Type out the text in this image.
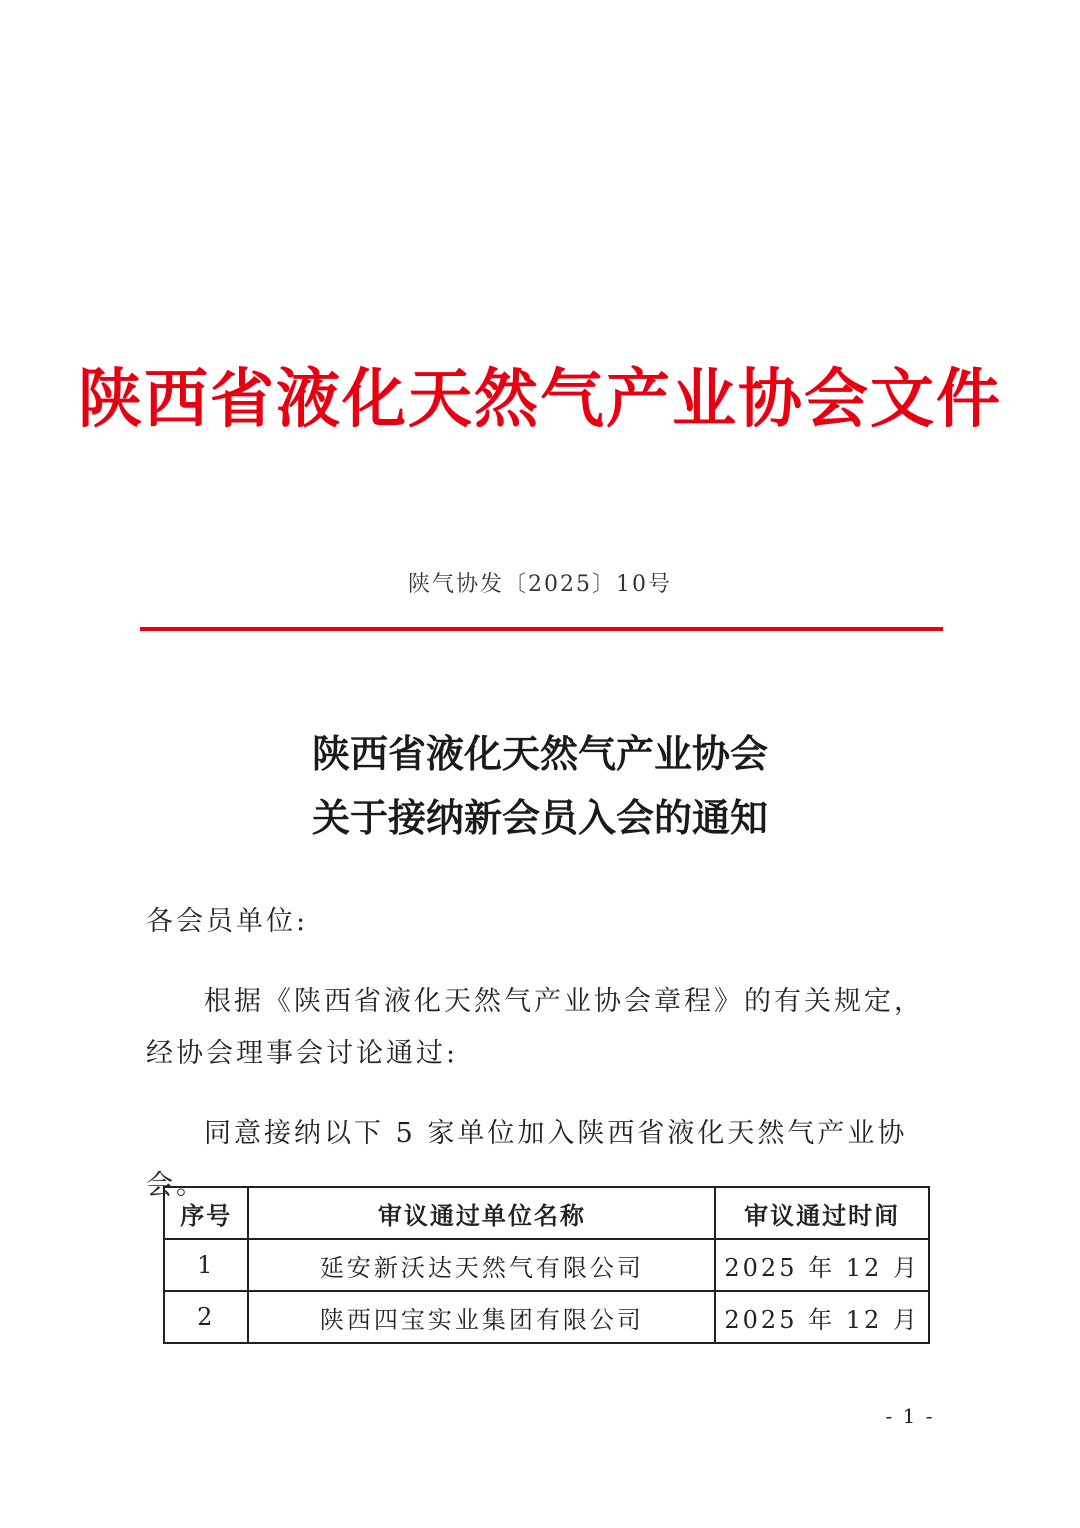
陕西省液化天然气产业协会文件
陕气协发〔2025〕10号
陕西省液化天然气产业协会
关于接纳新会员入会的通知
各会员单位:
根据《陕西省液化天然气产业协会章程》的有关规定，经协会理事会讨论通过:
同意接纳以下 5 家单位加入陕西省液化天然气产业协会。
序号	审议通过单位名称	审议通过时间
1	延安新沃达天然气有限公司	2025 年 12 月
2	陕西四宝实业集团有限公司	2025 年 12 月
- 1 -
